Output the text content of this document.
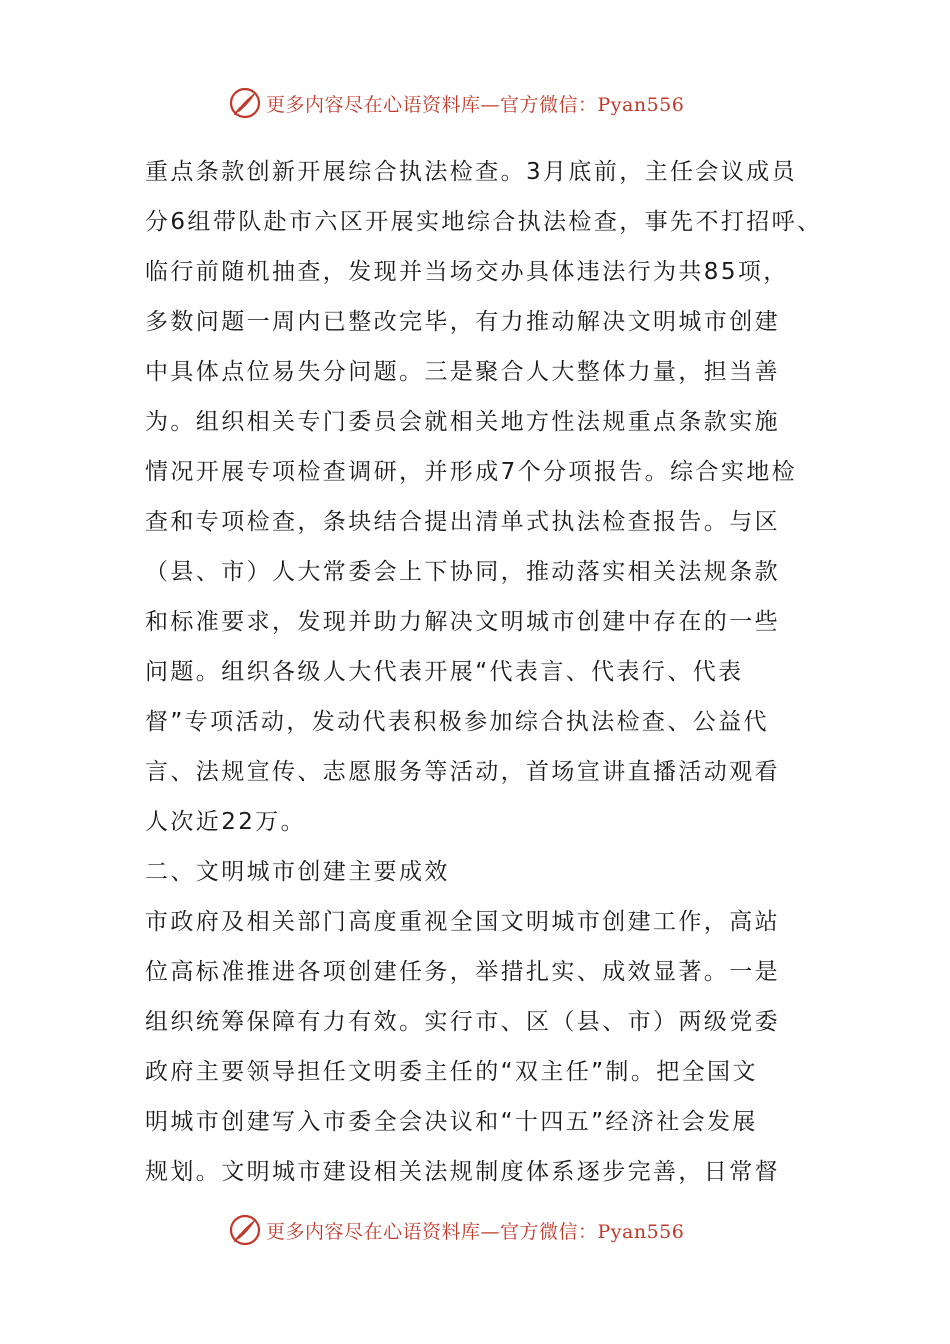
更多内容尽在心语资料库—官方微信：Pyan556
重点条款创新开展综合执法检查。3月底前，主任会议成员
分6组带队赴市六区开展实地综合执法检查，事先不打招呼、
临行前随机抽查，发现并当场交办具体违法行为共85项，
多数问题一周内已整改完毕，有力推动解决文明城市创建
中具体点位易失分问题。三是聚合人大整体力量，担当善
为。组织相关专门委员会就相关地方性法规重点条款实施
情况开展专项检查调研，并形成7个分项报告。综合实地检
查和专项检查，条块结合提出清单式执法检查报告。与区
（县、市）人大常委会上下协同，推动落实相关法规条款
和标准要求，发现并助力解决文明城市创建中存在的一些
问题。组织各级人大代表开展“代表言、代表行、代表
督”专项活动，发动代表积极参加综合执法检查、公益代
言、法规宣传、志愿服务等活动，首场宣讲直播活动观看
人次近22万。
二、文明城市创建主要成效
市政府及相关部门高度重视全国文明城市创建工作，高站
位高标准推进各项创建任务，举措扎实、成效显著。一是
组织统筹保障有力有效。实行市、区（县、市）两级党委
政府主要领导担任文明委主任的“双主任”制。把全国文
明城市创建写入市委全会决议和“十四五”经济社会发展
规划。文明城市建设相关法规制度体系逐步完善，日常督
更多内容尽在心语资料库—官方微信：Pyan556
